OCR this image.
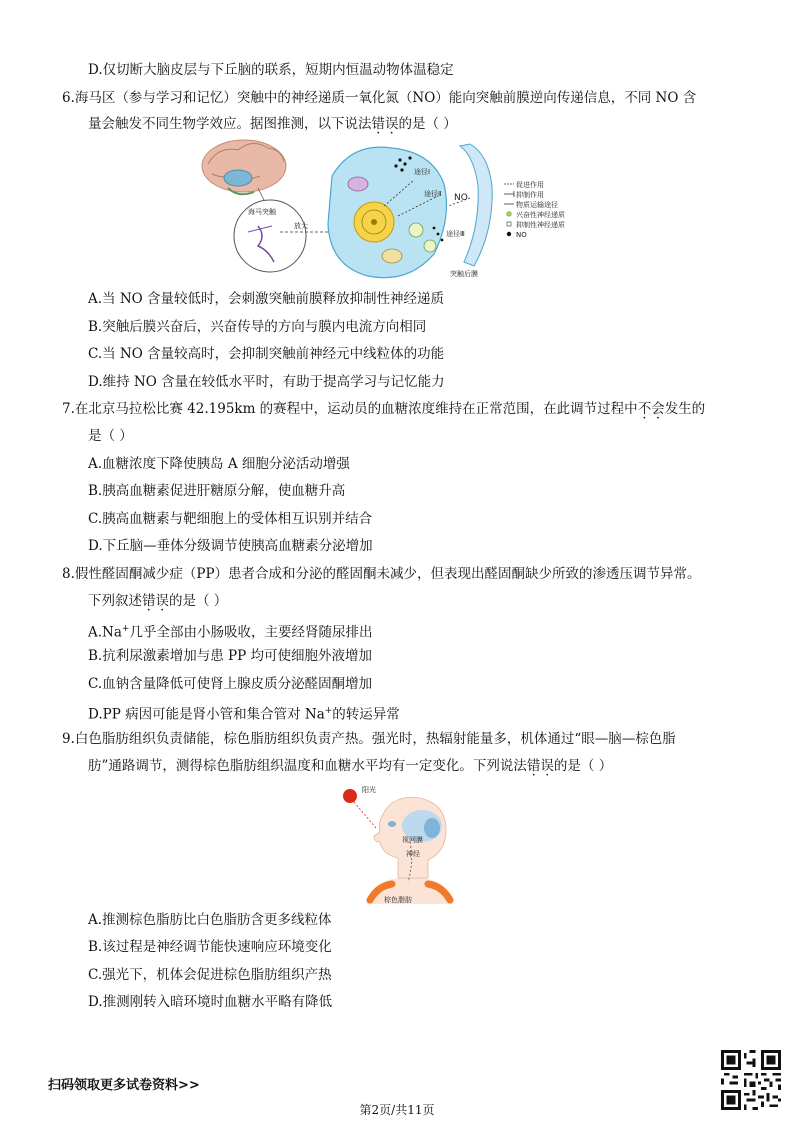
D.仅切断大脑皮层与下丘脑的联系，短期内恒温动物体温稳定
6.海马区（参与学习和记忆）突触中的神经递质一氧化氮（NO）能向突触前膜逆向传递信息，不同 NO 含
量会触发不同生物学效应。据图推测，以下说法错误的是（ ）
海马突触
放大
途径Ⅰ
途径Ⅱ
途径Ⅲ
NO
突触后膜
促进作用
抑制作用
物质运输途径
兴奋性神经递质
抑制性神经递质
NO
A.当 NO 含量较低时，会刺激突触前膜释放抑制性神经递质
B.突触后膜兴奋后，兴奋传导的方向与膜内电流方向相同
C.当 NO 含量较高时，会抑制突触前神经元中线粒体的功能
D.维持 NO 含量在较低水平时，有助于提高学习与记忆能力
7.在北京马拉松比赛 42.195km 的赛程中，运动员的血糖浓度维持在正常范围，在此调节过程中不会发生的
是（ ）
A.血糖浓度下降使胰岛 A 细胞分泌活动增强
B.胰高血糖素促进肝糖原分解，使血糖升高
C.胰高血糖素与靶细胞上的受体相互识别并结合
D.下丘脑—垂体分级调节使胰高血糖素分泌增加
8.假性醛固酮减少症（PP）患者合成和分泌的醛固酮未减少，但表现出醛固酮缺少所致的渗透压调节异常。
下列叙述错误的是（ ）
A.Na+几乎全部由小肠吸收，主要经肾随尿排出
B.抗利尿激素增加与患 PP 均可使细胞外液增加
C.血钠含量降低可使肾上腺皮质分泌醛固酮增加
D.PP 病因可能是肾小管和集合管对 Na+的转运异常
9.白色脂肪组织负责储能，棕色脂肪组织负责产热。强光时，热辐射能量多，机体通过“眼—脑—棕色脂
肪”通路调节，测得棕色脂肪组织温度和血糖水平均有一定变化。下列说法错误的是（ ）
阳光
视网膜
神经
棕色脂肪
A.推测棕色脂肪比白色脂肪含更多线粒体
B.该过程是神经调节能快速响应环境变化
C.强光下，机体会促进棕色脂肪组织产热
D.推测刚转入暗环境时血糖水平略有降低
扫码领取更多试卷资料>>
第2页/共11页
